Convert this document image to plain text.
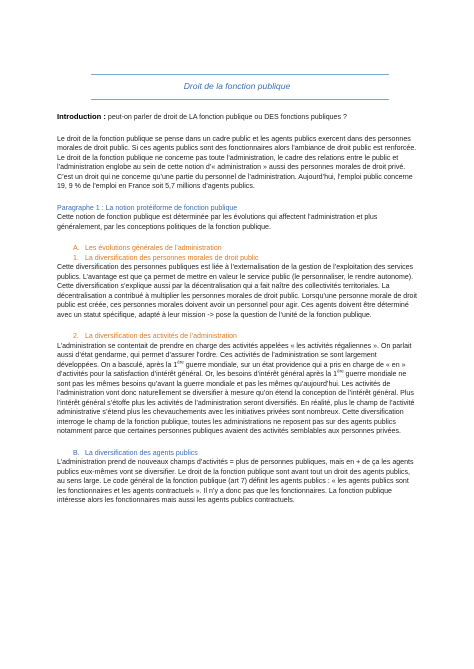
Droit de la fonction publique

Introduction : peut-on parler de droit de LA fonction publique ou DES fonctions publiques ?

Le droit de la fonction publique se pense dans un cadre public et les agents publics exercent dans des personnes morales de droit public. Si ces agents publics sont des fonctionnaires alors l’ambiance de droit public est renforcée. Le droit de la fonction publique ne concerne pas toute l’administration, le cadre des relations entre le public et l’administration englobe au sein de cette notion d’« administration » aussi des personnes morales de droit privé. C’est un droit qui ne concerne qu’une partie du personnel de l’administration. Aujourd’hui, l’emploi public concerne 19, 9 % de l’emploi en France soit 5,7 millions d’agents publics.

Paragraphe 1 : La notion protéiforme de fonction publique

Cette notion de fonction publique est déterminée par les évolutions qui affectent l’administration et plus généralement, par les conceptions politiques de la fonction publique.

A. Les évolutions générales de l’administration

1. La diversification des personnes morales de droit public

Cette diversification des personnes publiques est liée à l’externalisation de la gestion de l’exploitation des services publics. L’avantage est que ça permet de mettre en valeur le service public (le personnaliser, le rendre autonome).

Cette diversification s’explique aussi par la décentralisation qui a fait naître des collectivités territoriales. La décentralisation a contribué à multiplier les personnes morales de droit public. Lorsqu’une personne morale de droit public est créée, ces personnes morales doivent avoir un personnel pour agir. Ces agents doivent être déterminé avec un statut spécifique, adapté à leur mission -> pose la question de l’unité de la fonction publique.

2. La diversification des activités de l’administration

L’administration se contentait de prendre en charge des activités appelées « les activités régaliennes ». On parlait aussi d’état gendarme, qui permet d’assurer l’ordre. Ces activités de l’administration se sont largement développées. On a basculé, après la 1ère guerre mondiale, sur un état providence qui a pris en charge de « en » d’activités pour la satisfaction d’intérêt général. Or, les besoins d’intérêt général après la 1ère guerre mondiale ne sont pas les mêmes besoins qu’avant la guerre mondiale et pas les mêmes qu’aujourd’hui. Les activités de l’administration vont donc naturellement se diversifier à mesure qu’on étend la conception de l’intérêt général. Plus l’intérêt général s’étoffe plus les activités de l’administration seront diversifiés. En réalité, plus le champ de l’activité administrative s’étend plus les chevauchements avec les initiatives privées sont nombreux. Cette diversification interroge le champ de la fonction publique, toutes les administrations ne reposent pas sur des agents publics notamment parce que certaines personnes publiques avaient des activités semblables aux personnes privées.

B. La diversification des agents publics

L’administration prend de nouveaux champs d’activités = plus de personnes publiques, mais en + de ça les agents publics eux-mêmes vont se diversifier. Le droit de la fonction publique sont avant tout un droit des agents publics, au sens large. Le code général de la fonction publique (art 7) définit les agents publics : « les agents publics sont les fonctionnaires et les agents contractuels ». Il n’y a donc pas que les fonctionnaires. La fonction publique intéresse alors les fonctionnaires mais aussi les agents publics contractuels.
